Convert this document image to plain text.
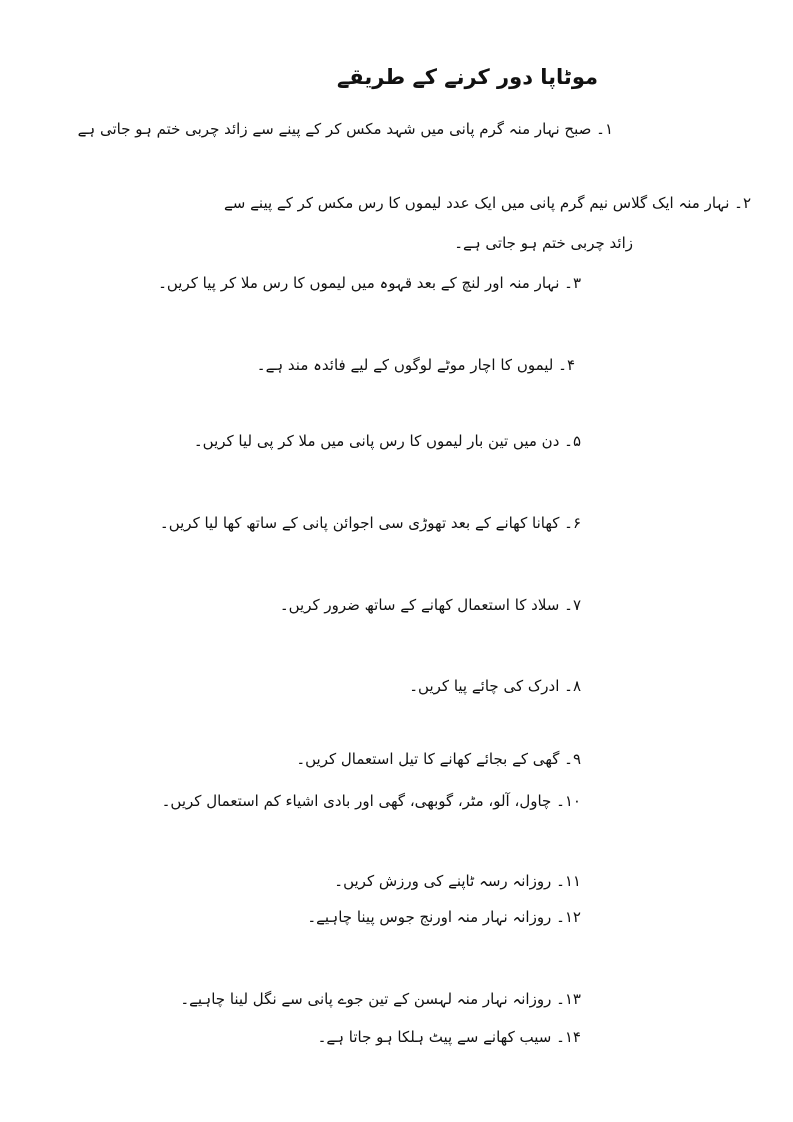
موٹاپا دور کرنے کے طریقے
۱۔ صبح نہار منہ گرم پانی میں شہد مکس کر کے پینے سے زائد چربی ختم ہو جاتی ہے
۲۔ نہار منہ ایک گلاس نیم گرم پانی میں ایک عدد لیموں کا رس مکس کر کے پینے سے
زائد چربی ختم ہو جاتی ہے۔
۳۔ نہار منہ اور لنچ کے بعد قہوہ میں لیموں کا رس ملا کر پیا کریں۔
۴۔ لیموں کا اچار موٹے لوگوں کے لیے فائدہ مند ہے۔
۵۔ دن میں تین بار لیموں کا رس پانی میں ملا کر پی لیا کریں۔
۶۔ کھانا کھانے کے بعد تھوڑی سی اجوائن پانی کے ساتھ کھا لیا کریں۔
۷۔ سلاد کا استعمال کھانے کے ساتھ ضرور کریں۔
۸۔ ادرک کی چائے پیا کریں۔
۹۔ گھی کے بجائے کھانے کا تیل استعمال کریں۔
۱۰۔ چاول، آلو، مٹر، گوبھی، گھی اور بادی اشیاء کم استعمال کریں۔
۱۱۔ روزانہ رسہ ٹاپنے کی ورزش کریں۔
۱۲۔ روزانہ نہار منہ اورنج جوس پینا چاہیے۔
۱۳۔ روزانہ نہار منہ لہسن کے تین جوے پانی سے نگل لینا چاہیے۔
۱۴۔ سیب کھانے سے پیٹ ہلکا ہو جاتا ہے۔
